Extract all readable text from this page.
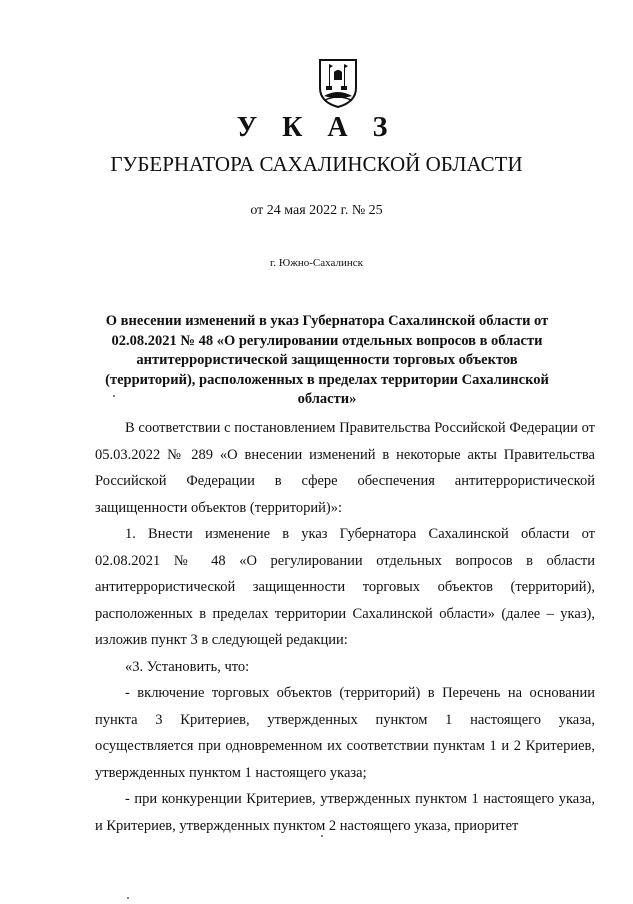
У К А З
ГУБЕРНАТОРА САХАЛИНСКОЙ ОБЛАСТИ
от 24 мая 2022 г. № 25
г. Южно-Сахалинск
О внесении изменений в указ Губернатора Сахалинской области от 02.08.2021 № 48 «О регулировании отдельных вопросов в области антитеррористической защищенности торговых объектов (территорий), расположенных в пределах территории Сахалинской области»

В соответствии с постановлением Правительства Российской Федерации от 05.03.2022 № 289 «О внесении изменений в некоторые акты Правительства Российской Федерации в сфере обеспечения антитеррористической защищенности объектов (территорий)»:

1. Внести изменение в указ Губернатора Сахалинской области от 02.08.2021 № 48 «О регулировании отдельных вопросов в области антитеррористической защищенности торговых объектов (территорий), расположенных в пределах территории Сахалинской области» (далее – указ), изложив пункт 3 в следующей редакции:

«3. Установить, что:

- включение торговых объектов (территорий) в Перечень на основании пункта 3 Критериев, утвержденных пунктом 1 настоящего указа, осуществляется при одновременном их соответствии пунктам 1 и 2 Критериев, утвержденных пунктом 1 настоящего указа;

- при конкуренции Критериев, утвержденных пунктом 1 настоящего указа, и Критериев, утвержденных пунктом 2 настоящего указа, приоритет
